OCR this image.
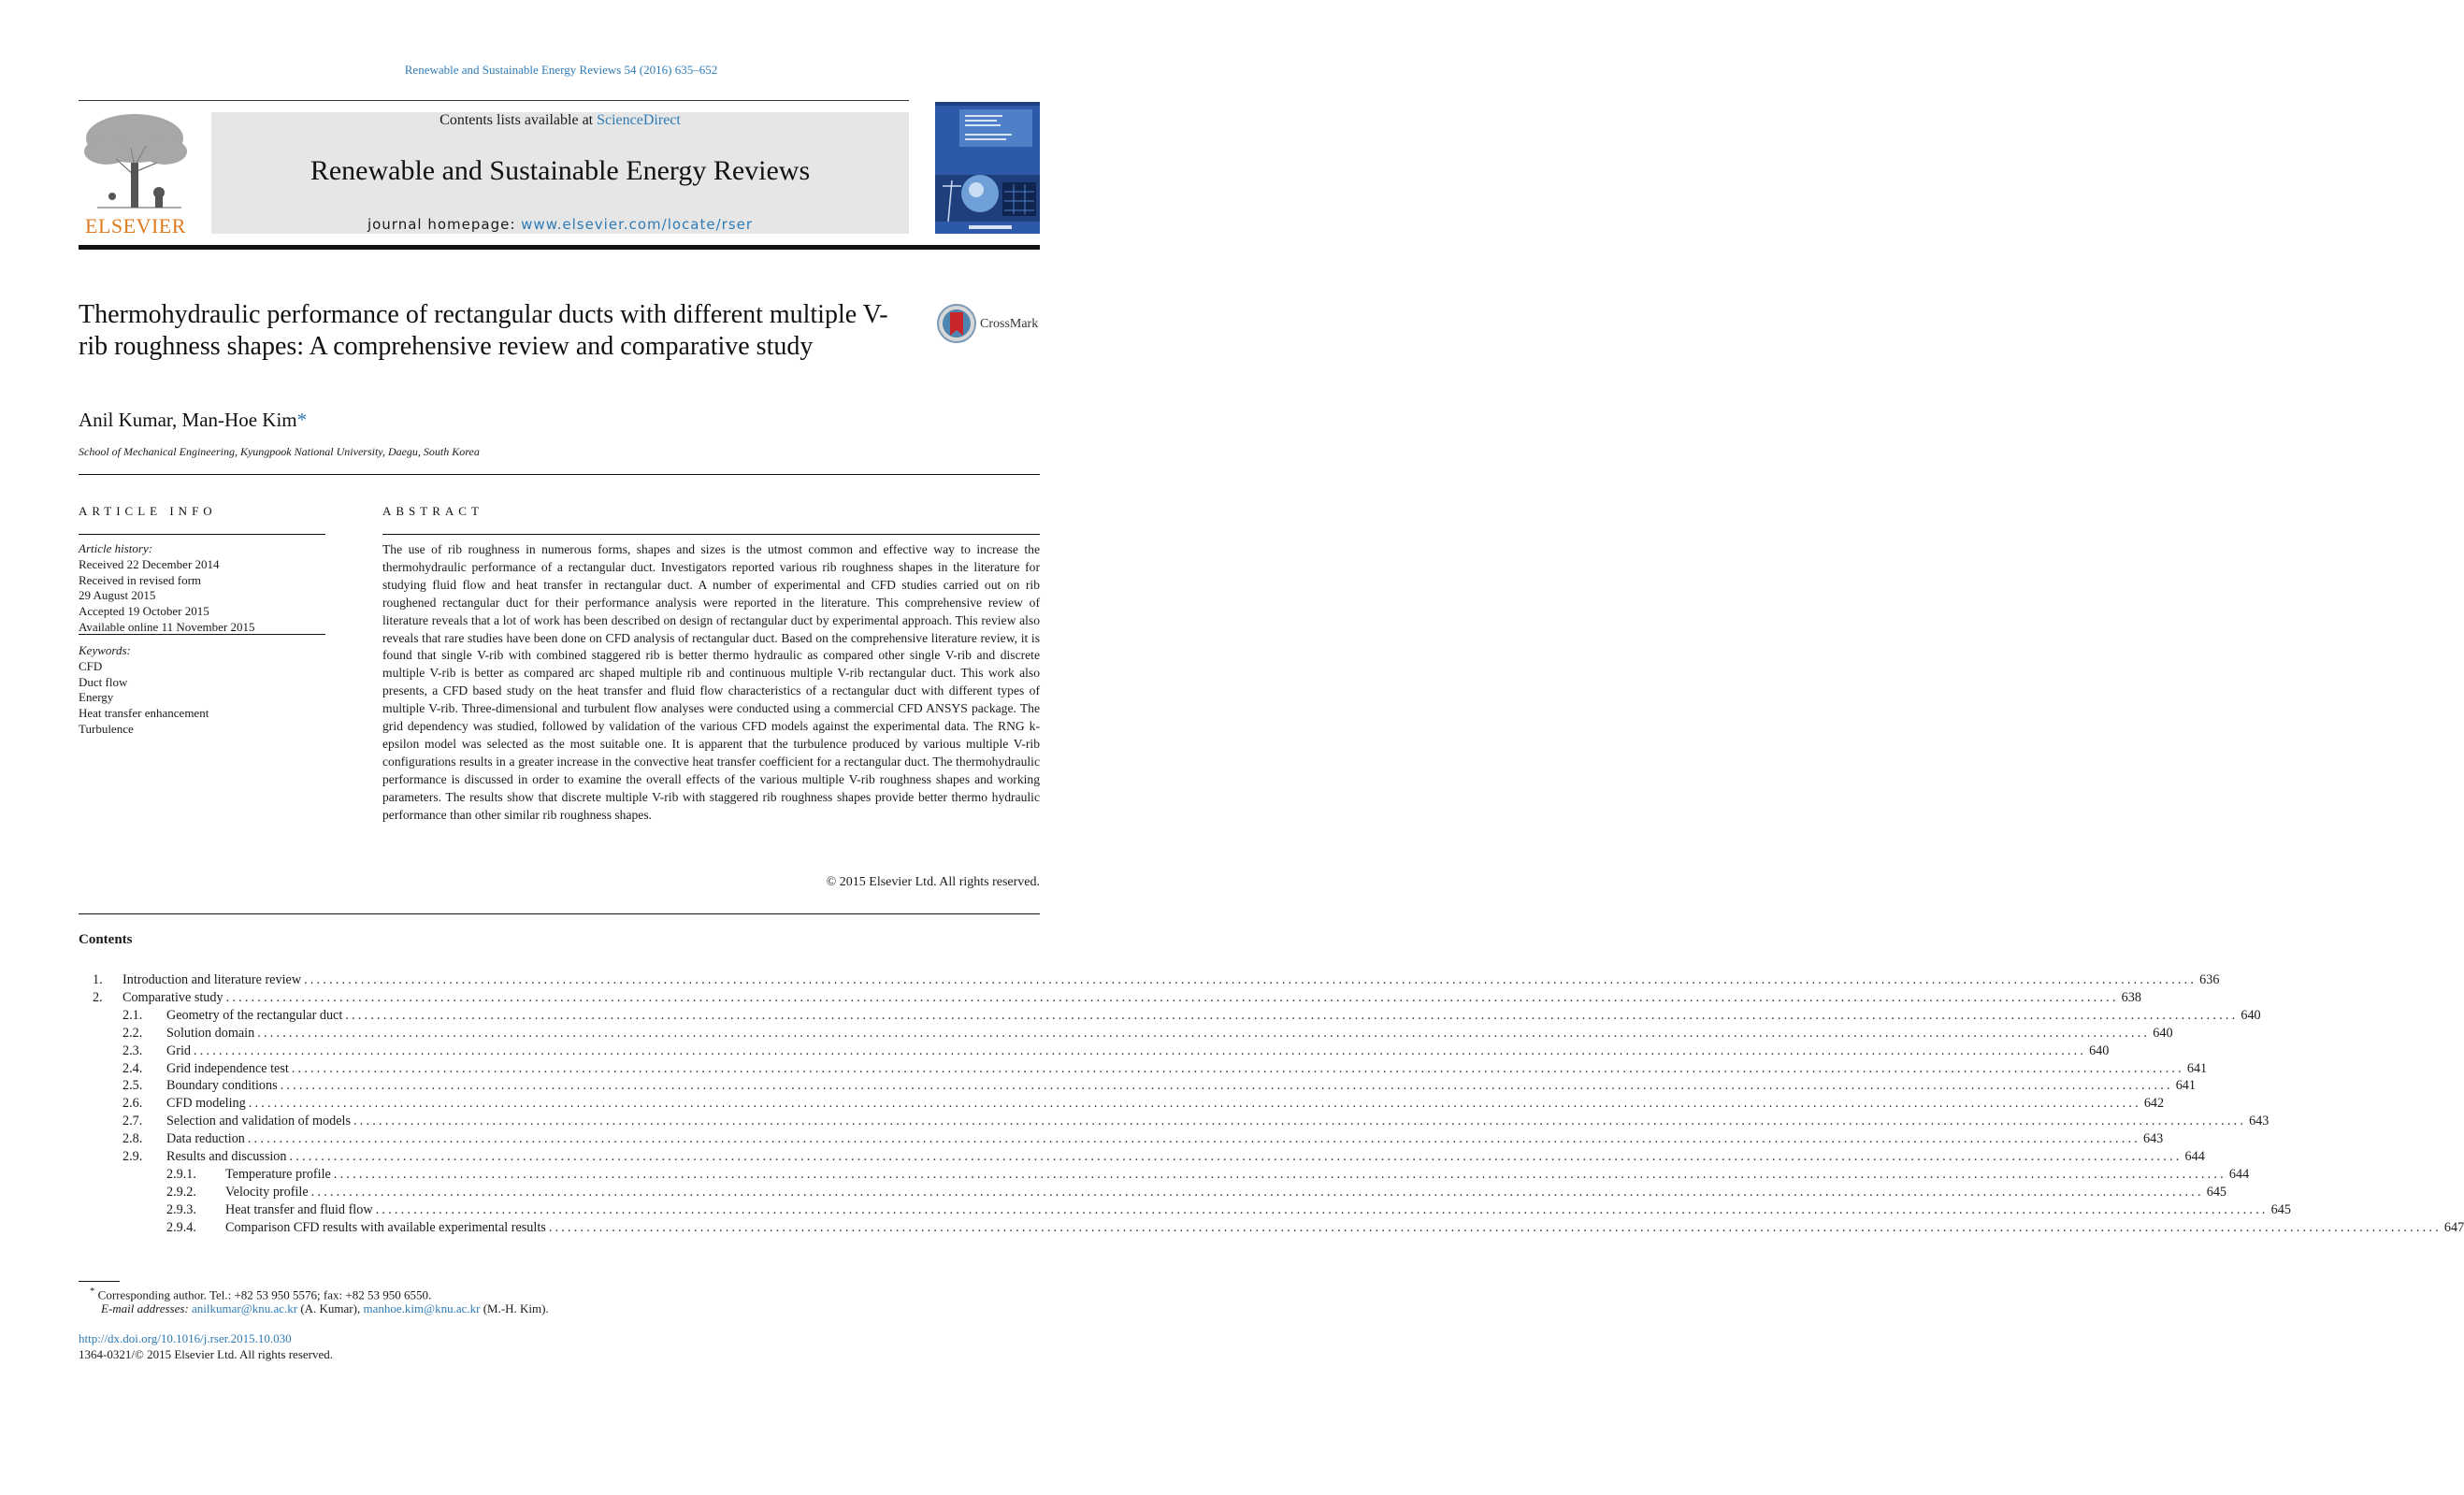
Renewable and Sustainable Energy Reviews 54 (2016) 635–652
ELSEVIER
Contents lists available at ScienceDirect
Renewable and Sustainable Energy Reviews
journal homepage: www.elsevier.com/locate/rser
Thermohydraulic performance of rectangular ducts with different multiple V-rib roughness shapes: A comprehensive review and comparative study
CrossMark
Anil Kumar, Man-Hoe Kim*
School of Mechanical Engineering, Kyungpook National University, Daegu, South Korea
ARTICLE INFO	ABSTRACT
Article history:
Received 22 December 2014
Received in revised form
29 August 2015
Accepted 19 October 2015
Available online 11 November 2015
Keywords:
CFD
Duct flow
Energy
Heat transfer enhancement
Turbulence

The use of rib roughness in numerous forms, shapes and sizes is the utmost common and effective way to increase the thermohydraulic performance of a rectangular duct. Investigators reported various rib roughness shapes in the literature for studying fluid flow and heat transfer in rectangular duct. A number of experimental and CFD studies carried out on rib roughened rectangular duct for their performance analysis were reported in the literature. This comprehensive review of literature reveals that a lot of work has been described on design of rectangular duct by experimental approach. This review also reveals that rare studies have been done on CFD analysis of rectangular duct. Based on the comprehensive literature review, it is found that single V-rib with combined staggered rib is better thermo hydraulic as compared other single V-rib and discrete multiple V-rib is better as compared arc shaped multiple rib and continuous multiple V-rib rectangular duct. This work also presents, a CFD based study on the heat transfer and fluid flow characteristics of a rectangular duct with different types of multiple V-rib. Three-dimensional and turbulent flow analyses were conducted using a commercial CFD ANSYS package. The grid dependency was studied, followed by validation of the various CFD models against the experimental data. The RNG k-epsilon model was selected as the most suitable one. It is apparent that the turbulence produced by various multiple V-rib configurations results in a greater increase in the convective heat transfer coefficient for a rectangular duct. The thermohydraulic performance is discussed in order to examine the overall effects of the various multiple V-rib roughness shapes and working parameters. The results show that discrete multiple V-rib with staggered rib roughness shapes provide better thermo hydraulic performance than other similar rib roughness shapes.

© 2015 Elsevier Ltd. All rights reserved.
Contents
1.	Introduction and literature review ............................................................................................................................................................................................................................................................................................................ 636
2.	Comparative study ............................................................................................................................................................................................................................................................................................................ 638
2.1.	Geometry of the rectangular duct ............................................................................................................................................................................................................................................................................................................ 640
2.2.	Solution domain ............................................................................................................................................................................................................................................................................................................ 640
2.3.	Grid ............................................................................................................................................................................................................................................................................................................ 640
2.4.	Grid independence test ............................................................................................................................................................................................................................................................................................................ 641
2.5.	Boundary conditions ............................................................................................................................................................................................................................................................................................................ 641
2.6.	CFD modeling ............................................................................................................................................................................................................................................................................................................ 642
2.7.	Selection and validation of models ............................................................................................................................................................................................................................................................................................................ 643
2.8.	Data reduction ............................................................................................................................................................................................................................................................................................................ 643
2.9.	Results and discussion ............................................................................................................................................................................................................................................................................................................ 644
2.9.1.	Temperature profile ............................................................................................................................................................................................................................................................................................................ 644
2.9.2.	Velocity profile ............................................................................................................................................................................................................................................................................................................ 645
2.9.3.	Heat transfer and fluid flow ............................................................................................................................................................................................................................................................................................................ 645
2.9.4.	Comparison CFD results with available experimental results ............................................................................................................................................................................................................................................................................................................ 647
* Corresponding author. Tel.: +82 53 950 5576; fax: +82 53 950 6550.
E-mail addresses: anilkumar@knu.ac.kr (A. Kumar), manhoe.kim@knu.ac.kr (M.-H. Kim).
http://dx.doi.org/10.1016/j.rser.2015.10.030
1364-0321/© 2015 Elsevier Ltd. All rights reserved.
